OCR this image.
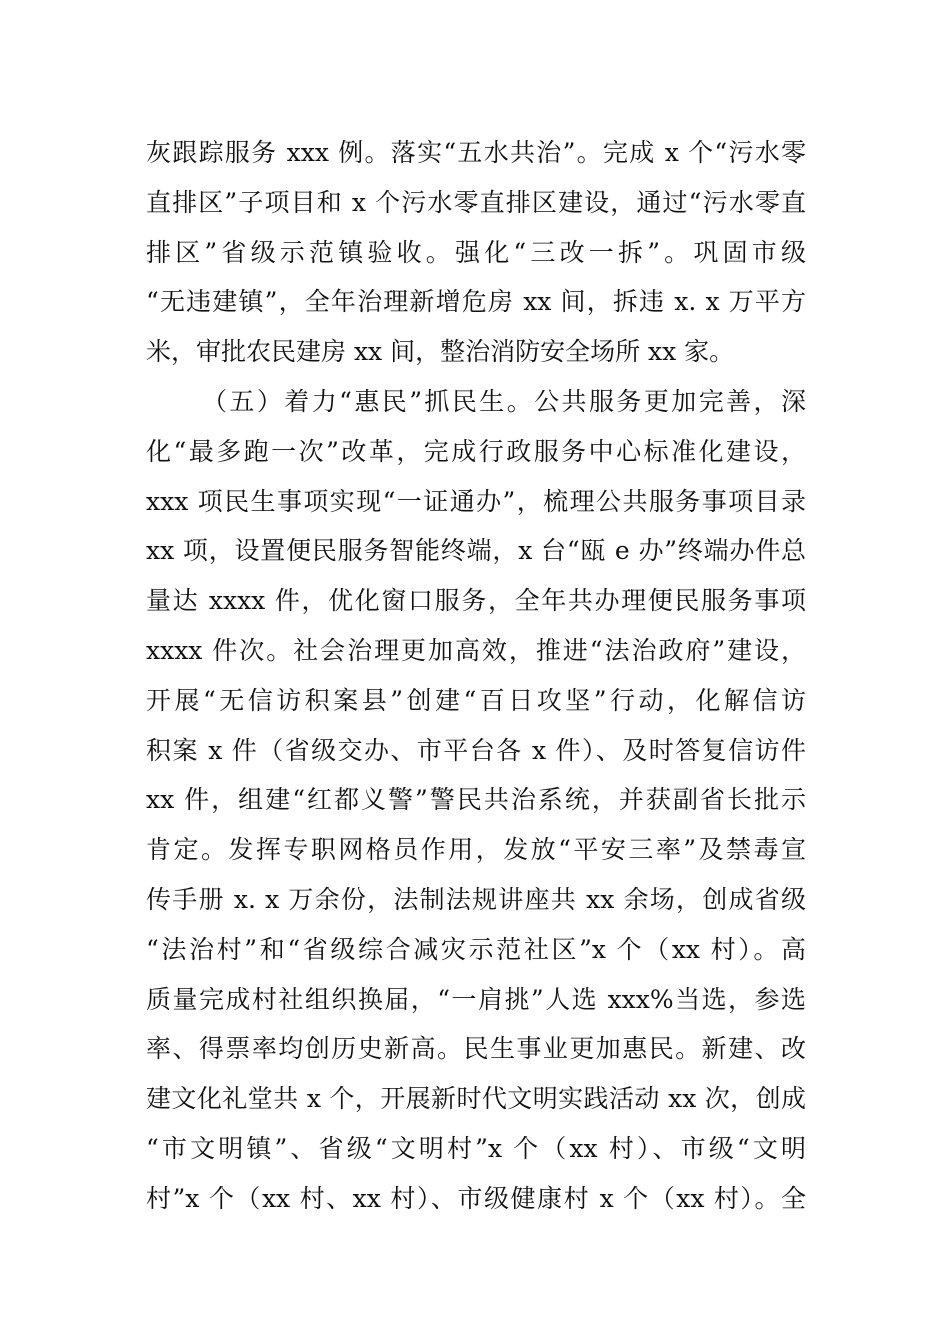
灰跟踪服务 xxx 例。落实“五水共治”。完成 x 个“污水零
直排区”子项目和 x 个污水零直排区建设，通过“污水零直
排区”省级示范镇验收。强化“三改一拆”。巩固市级
“无违建镇”，全年治理新增危房 xx 间，拆违 x. x 万平方
米，审批农民建房 xx 间，整治消防安全场所 xx 家。
（五）着力“惠民”抓民生。公共服务更加完善，深
化“最多跑一次”改革，完成行政服务中心标准化建设，
xxx 项民生事项实现“一证通办”，梳理公共服务事项目录
xx 项，设置便民服务智能终端，x 台“瓯 e 办”终端办件总
量达 xxxx 件，优化窗口服务，全年共办理便民服务事项
xxxx 件次。社会治理更加高效，推进“法治政府”建设，
开展“无信访积案县”创建“百日攻坚”行动，化解信访
积案 x 件（省级交办、市平台各 x 件）、及时答复信访件
xx 件，组建“红都义警”警民共治系统，并获副省长批示
肯定。发挥专职网格员作用，发放“平安三率”及禁毒宣
传手册 x. x 万余份，法制法规讲座共 xx 余场，创成省级
“法治村”和“省级综合减灾示范社区”x 个（xx 村）。高
质量完成村社组织换届，“一肩挑”人选 xxx%当选，参选
率、得票率均创历史新高。民生事业更加惠民。新建、改
建文化礼堂共 x 个，开展新时代文明实践活动 xx 次，创成
“市文明镇”、省级“文明村”x 个（xx 村）、市级“文明
村”x 个（xx 村、xx 村）、市级健康村 x 个（xx 村）。全
